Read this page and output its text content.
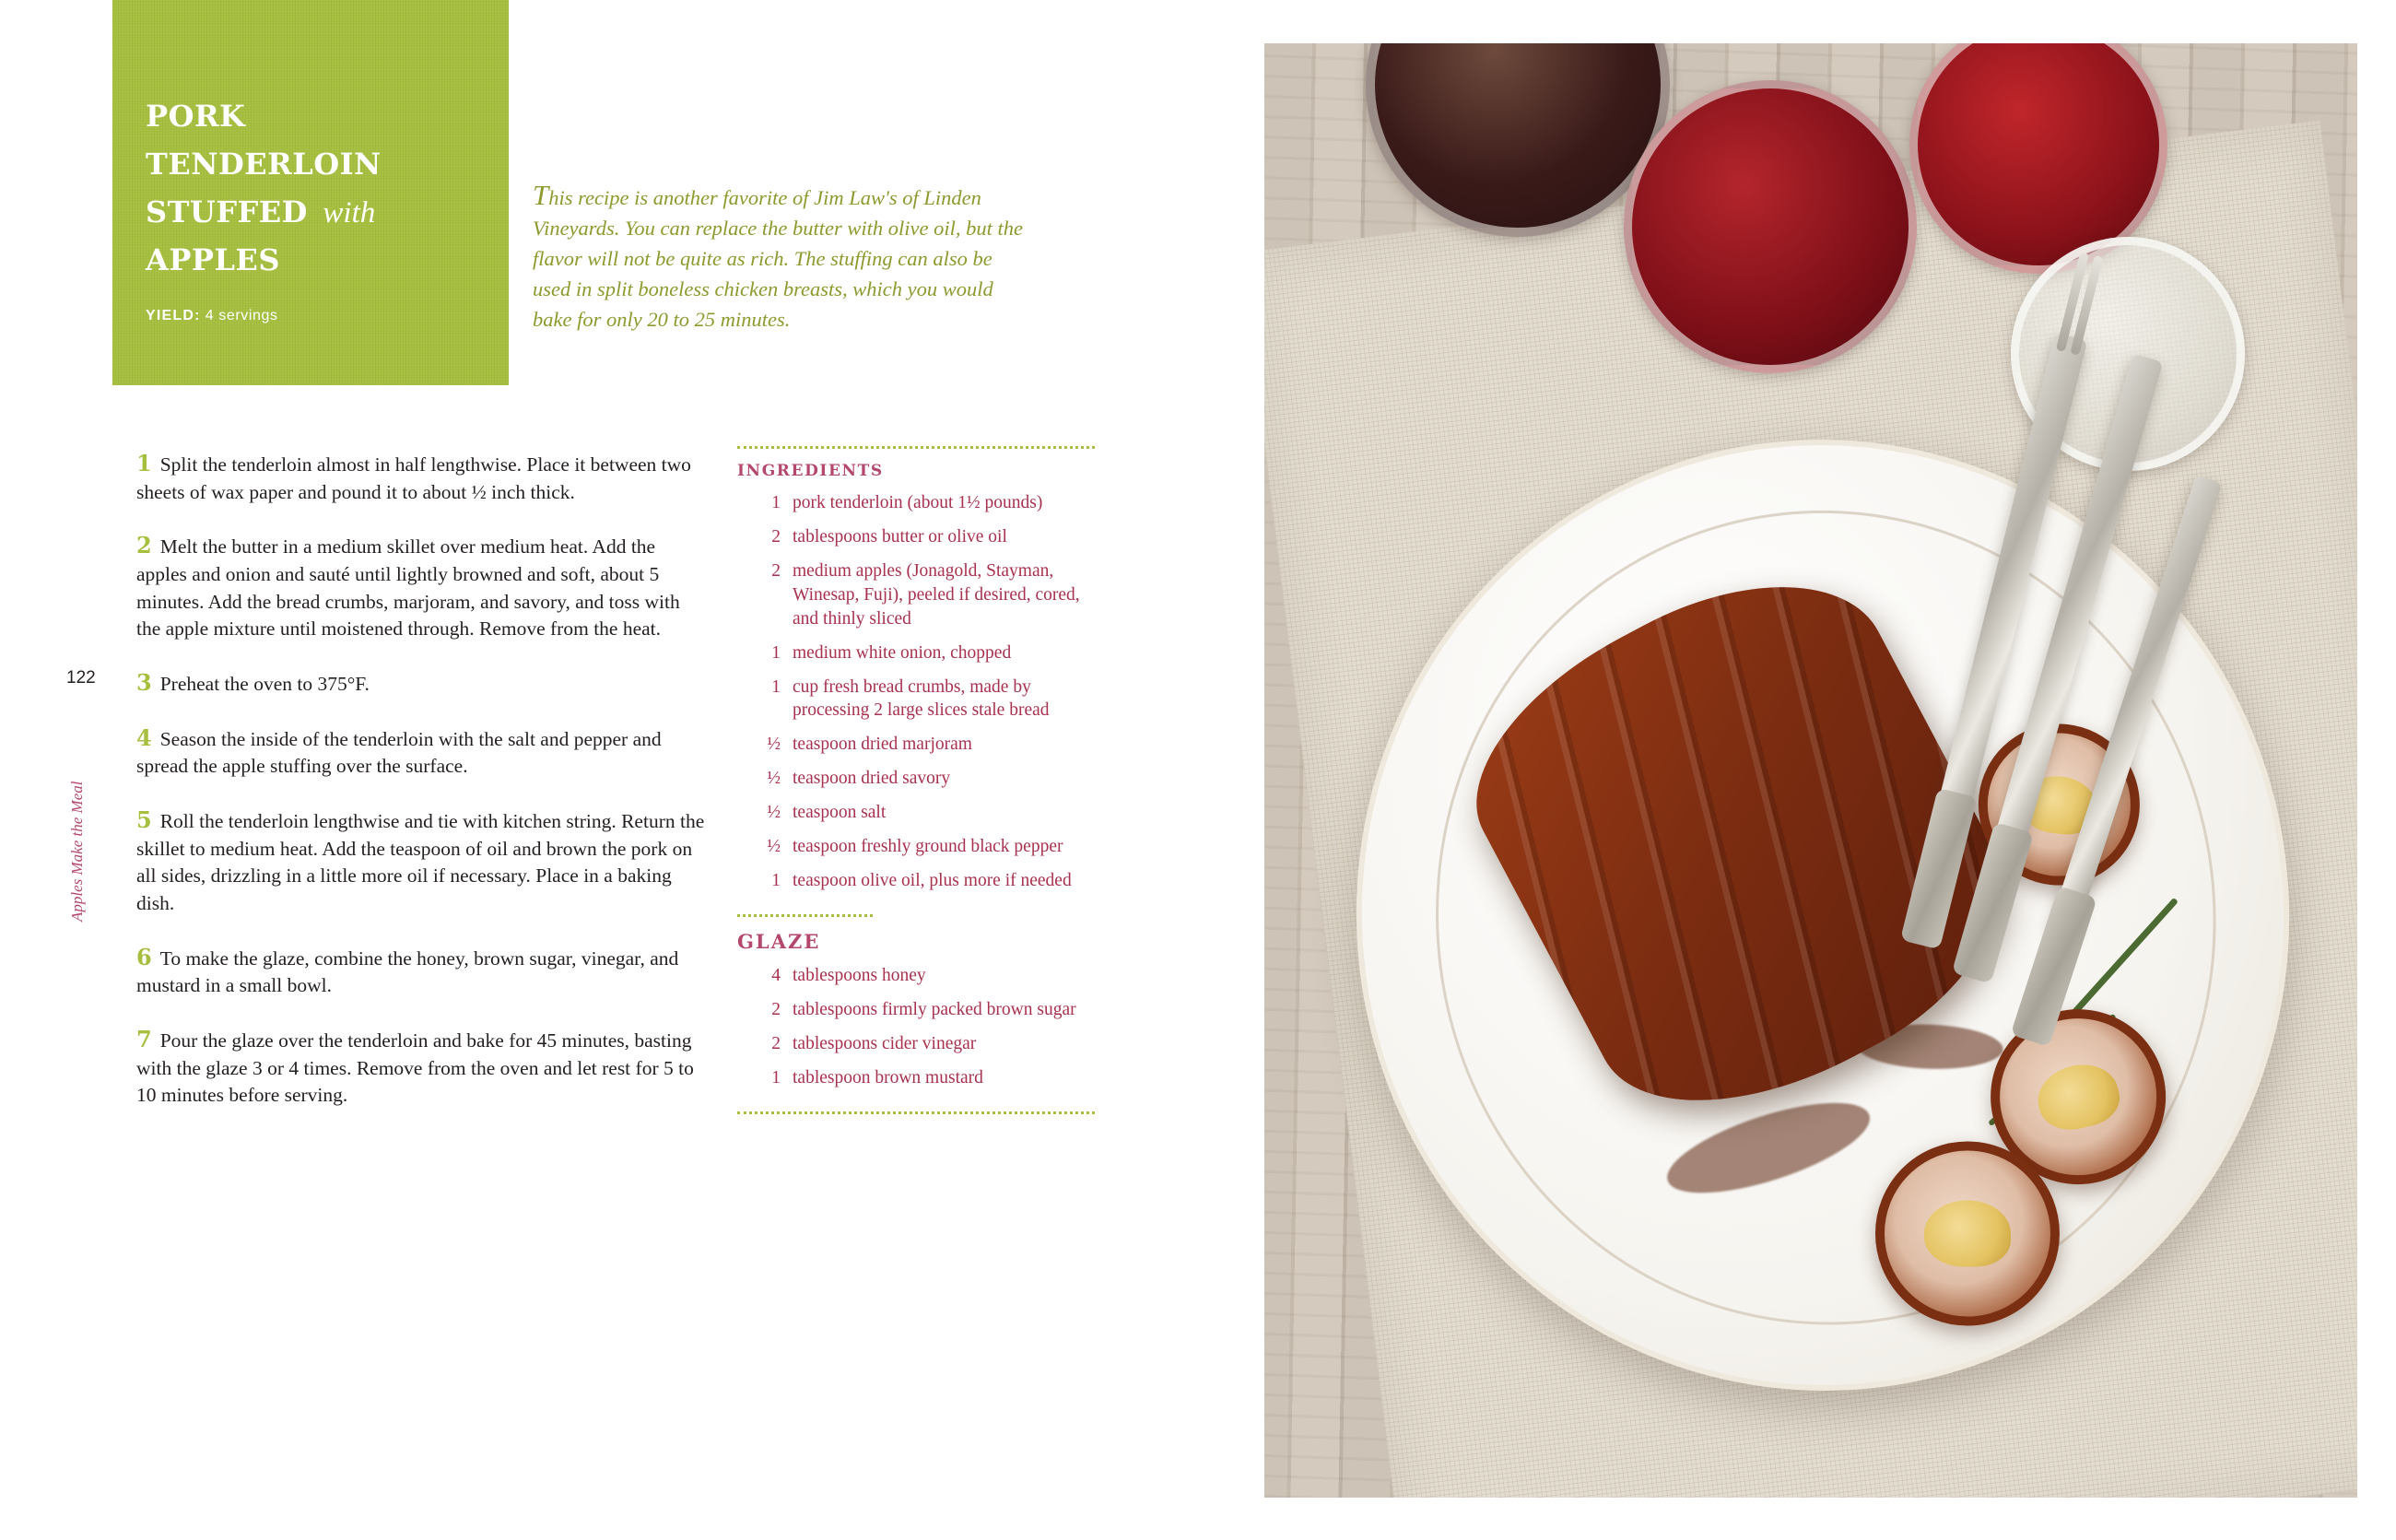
pork
tenderloin
stuffed with
apples
YIELD: 4 servings
This recipe is another favorite of Jim Law's of Linden Vineyards. You can replace the butter with olive oil, but the flavor will not be quite as rich. The stuffing can also be used in split boneless chicken breasts, which you would bake for only 20 to 25 minutes.
122
Apples Make the Meal
1 Split the tenderloin almost in half lengthwise. Place it between two sheets of wax paper and pound it to about ½ inch thick.
2 Melt the butter in a medium skillet over medium heat. Add the apples and onion and sauté until lightly browned and soft, about 5 minutes. Add the bread crumbs, marjoram, and savory, and toss with the apple mixture until moistened through. Remove from the heat.
3 Preheat the oven to 375°F.
4 Season the inside of the tenderloin with the salt and pepper and spread the apple stuffing over the surface.
5 Roll the tenderloin lengthwise and tie with kitchen string. Return the skillet to medium heat. Add the teaspoon of oil and brown the pork on all sides, drizzling in a little more oil if necessary. Place in a baking dish.
6 To make the glaze, combine the honey, brown sugar, vinegar, and mustard in a small bowl.
7 Pour the glaze over the tenderloin and bake for 45 minutes, basting with the glaze 3 or 4 times. Remove from the oven and let rest for 5 to 10 minutes before serving.
INGREDIENTS
1 pork tenderloin (about 1½ pounds)
2 tablespoons butter or olive oil
2 medium apples (Jonagold, Stayman, Winesap, Fuji), peeled if desired, cored, and thinly sliced
1 medium white onion, chopped
1 cup fresh bread crumbs, made by processing 2 large slices stale bread
½ teaspoon dried marjoram
½ teaspoon dried savory
½ teaspoon salt
½ teaspoon freshly ground black pepper
1 teaspoon olive oil, plus more if needed
GLAZE
4 tablespoons honey
2 tablespoons firmly packed brown sugar
2 tablespoons cider vinegar
1 tablespoon brown mustard
